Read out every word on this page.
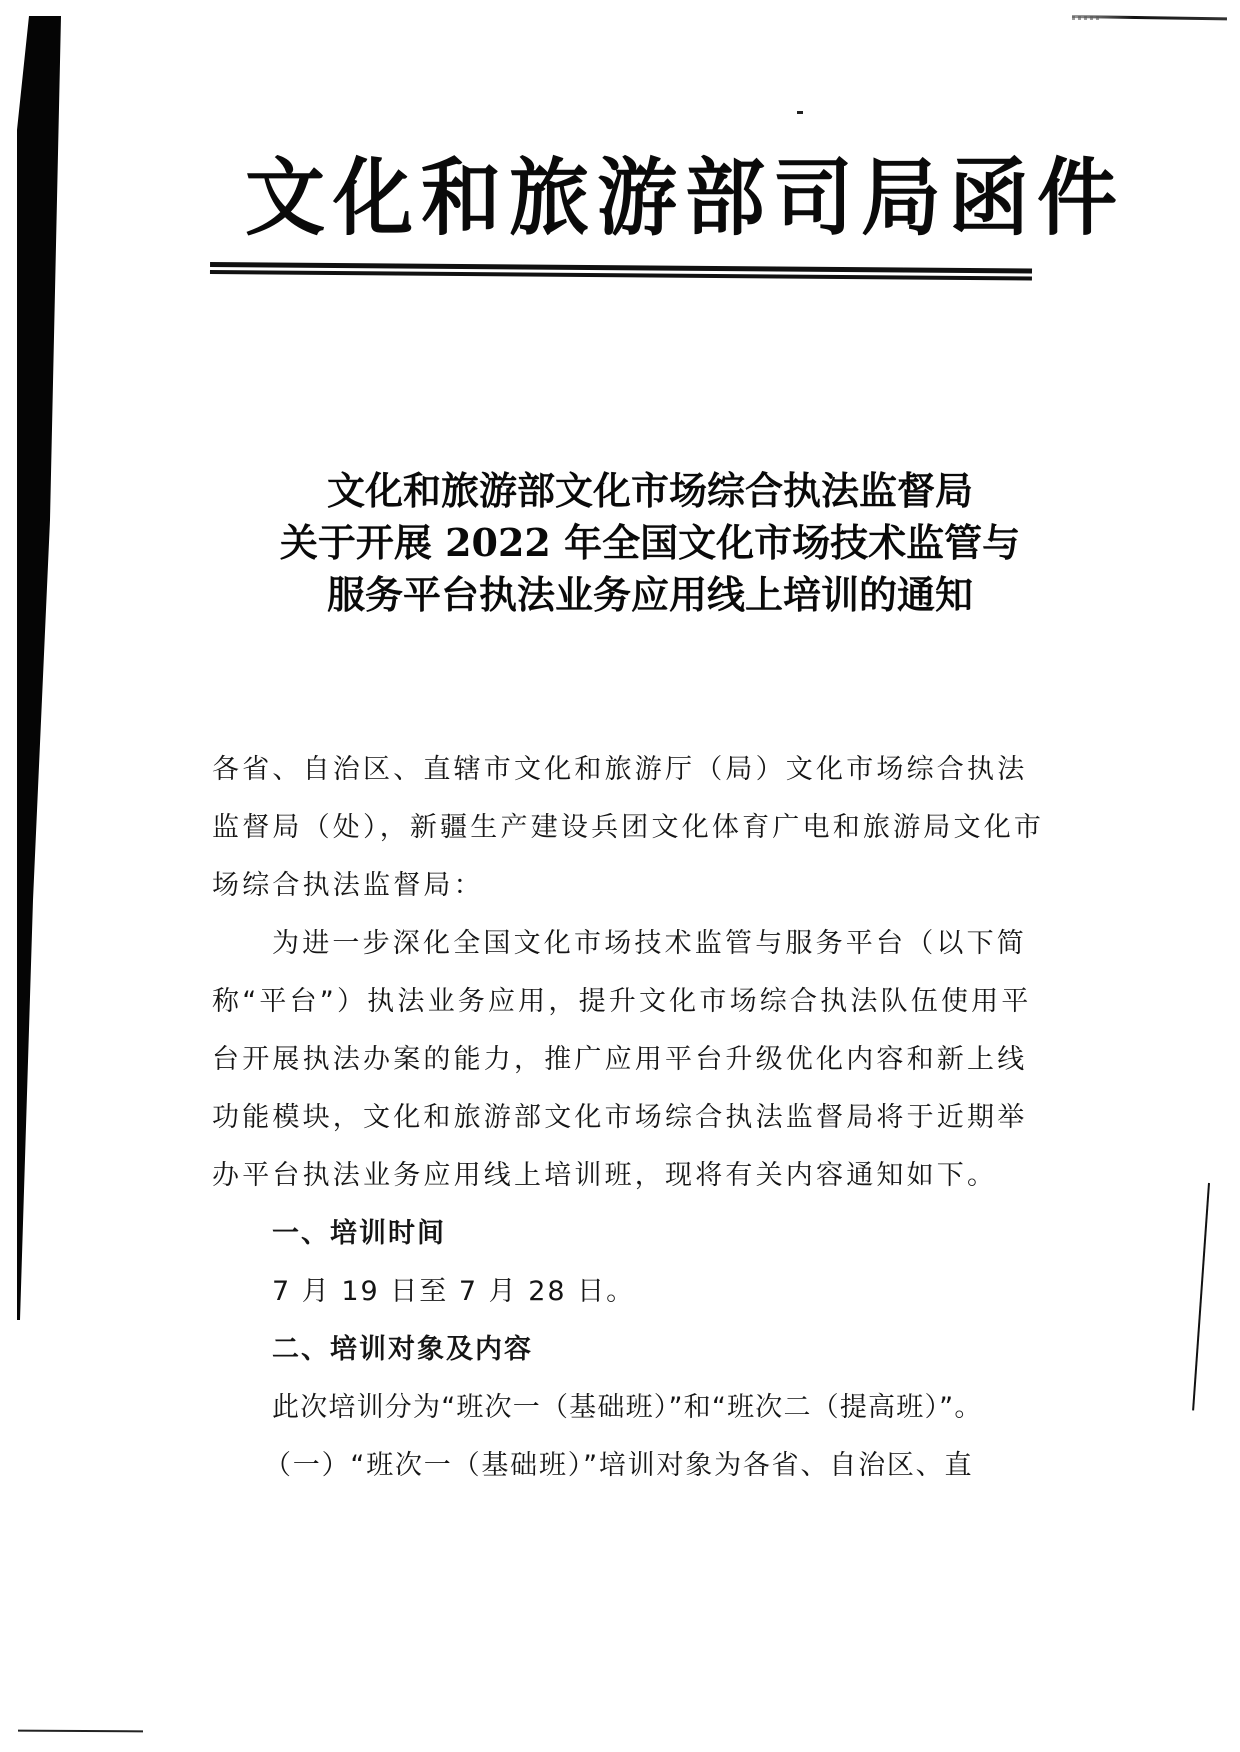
文化和旅游部司局函件
文化和旅游部文化市场综合执法监督局
关于开展 2022 年全国文化市场技术监管与
服务平台执法业务应用线上培训的通知
各省、自治区、直辖市文化和旅游厅（局）文化市场综合执法
监督局（处），新疆生产建设兵团文化体育广电和旅游局文化市
场综合执法监督局：
为进一步深化全国文化市场技术监管与服务平台（以下简
称“平台”）执法业务应用，提升文化市场综合执法队伍使用平
台开展执法办案的能力，推广应用平台升级优化内容和新上线
功能模块，文化和旅游部文化市场综合执法监督局将于近期举
办平台执法业务应用线上培训班，现将有关内容通知如下。
一、培训时间
7 月 19 日至 7 月 28 日。
二、培训对象及内容
此次培训分为“班次一（基础班）”和“班次二（提高班）”。
（一）“班次一（基础班）”培训对象为各省、自治区、直
